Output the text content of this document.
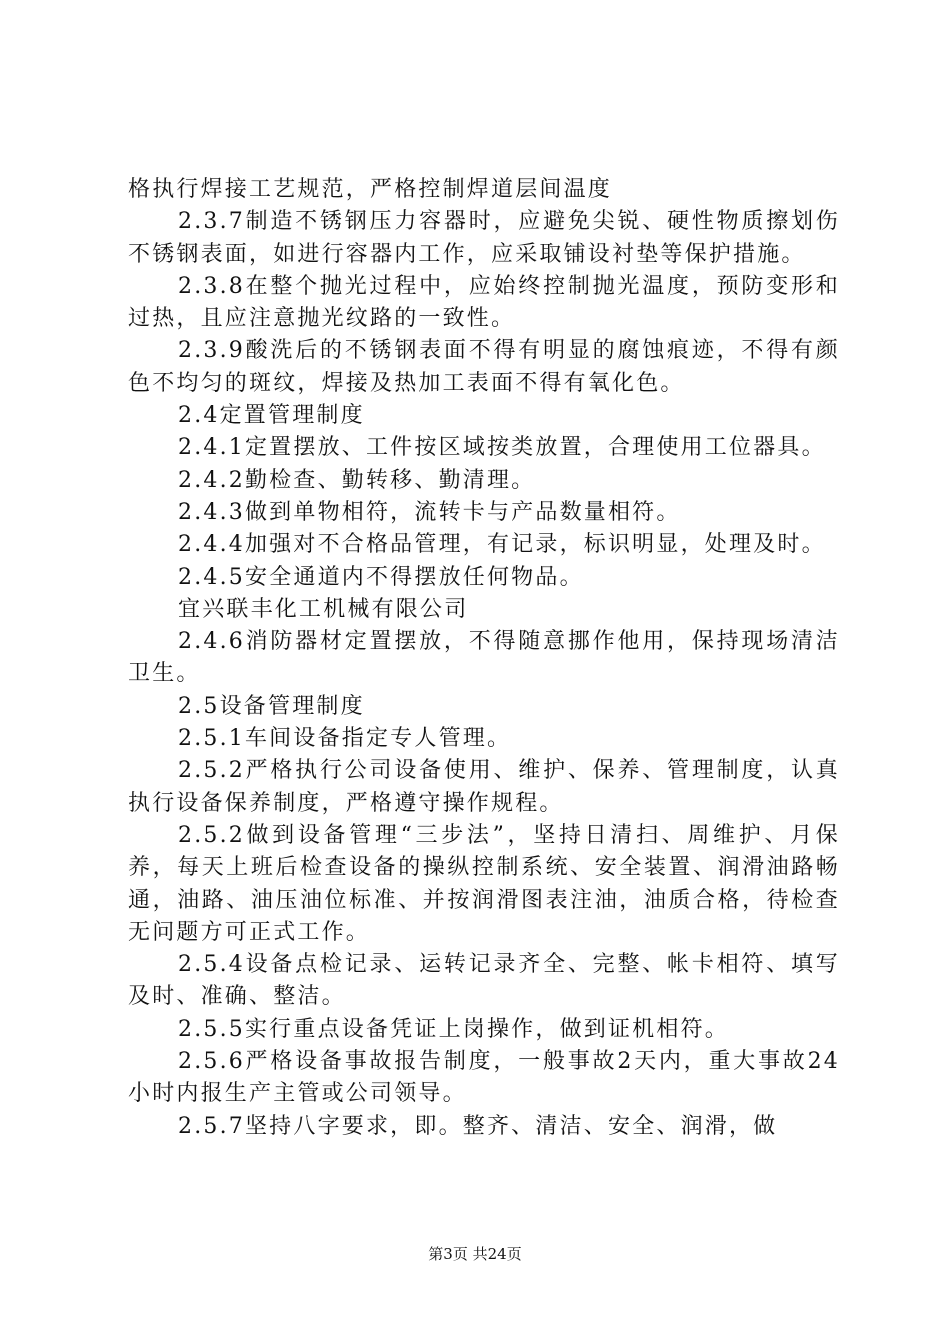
格执行焊接工艺规范，严格控制焊道层间温度

2.3.7制造不锈钢压力容器时，应避免尖锐、硬性物质擦划伤不锈钢表面，如进行容器内工作，应采取铺设衬垫等保护措施。

2.3.8在整个抛光过程中，应始终控制抛光温度，预防变形和过热，且应注意抛光纹路的一致性。

2.3.9酸洗后的不锈钢表面不得有明显的腐蚀痕迹，不得有颜色不均匀的斑纹，焊接及热加工表面不得有氧化色。

2.4定置管理制度

2.4.1定置摆放、工件按区域按类放置，合理使用工位器具。

2.4.2勤检查、勤转移、勤清理。

2.4.3做到单物相符，流转卡与产品数量相符。

2.4.4加强对不合格品管理，有记录，标识明显，处理及时。

2.4.5安全通道内不得摆放任何物品。

宜兴联丰化工机械有限公司

2.4.6消防器材定置摆放，不得随意挪作他用，保持现场清洁卫生。

2.5设备管理制度

2.5.1车间设备指定专人管理。

2.5.2严格执行公司设备使用、维护、保养、管理制度，认真执行设备保养制度，严格遵守操作规程。

2.5.2做到设备管理“三步法”，坚持日清扫、周维护、月保养，每天上班后检查设备的操纵控制系统、安全装置、润滑油路畅通，油路、油压油位标准、并按润滑图表注油，油质合格，待检查无问题方可正式工作。

2.5.4设备点检记录、运转记录齐全、完整、帐卡相符、填写及时、准确、整洁。

2.5.5实行重点设备凭证上岗操作，做到证机相符。

2.5.6严格设备事故报告制度，一般事故2天内，重大事故24小时内报生产主管或公司领导。

2.5.7坚持八字要求，即。整齐、清洁、安全、润滑，做

第3页 共24页
